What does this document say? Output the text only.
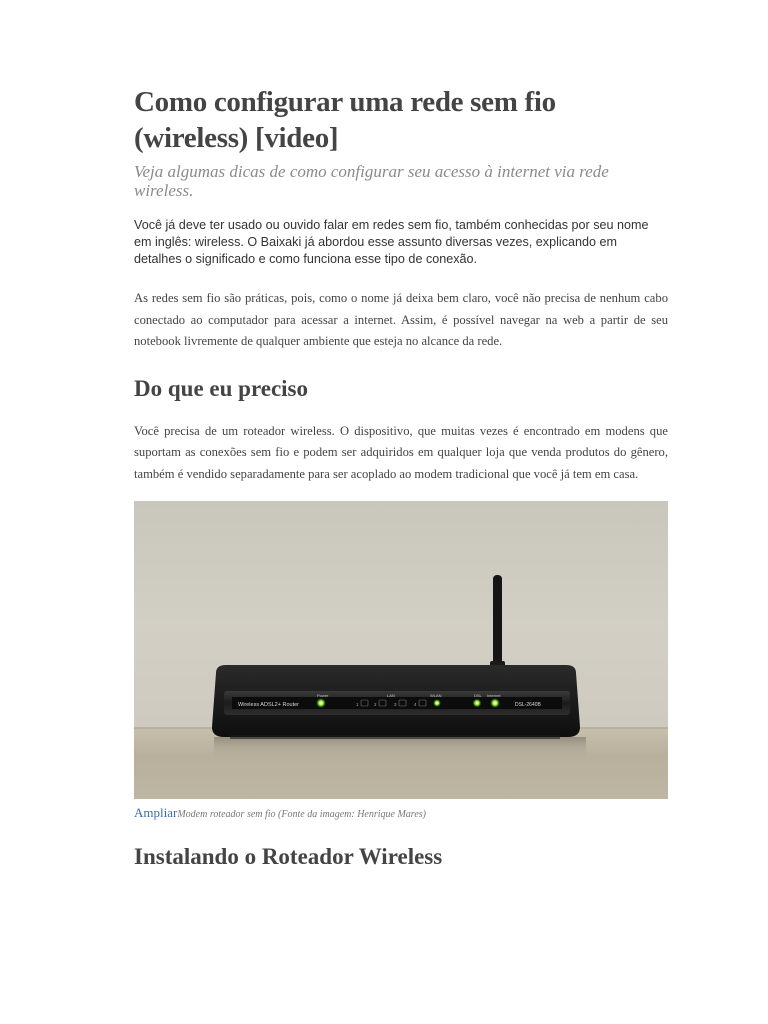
Como configurar uma rede sem fio (wireless) [video]

Veja algumas dicas de como configurar seu acesso à internet via rede wireless.

Você já deve ter usado ou ouvido falar em redes sem fio, também conhecidas por seu nome em inglês: wireless. O Baixaki já abordou esse assunto diversas vezes, explicando em detalhes o significado e como funciona esse tipo de conexão.

As redes sem fio são práticas, pois, como o nome já deixa bem claro, você não precisa de nenhum cabo conectado ao computador para acessar a internet. Assim, é possível navegar na web a partir de seu notebook livremente de qualquer ambiente que esteja no alcance da rede.

Do que eu preciso

Você precisa de um roteador wireless. O dispositivo, que muitas vezes é encontrado em modens que suportam as conexões sem fio e podem ser adquiridos em qualquer loja que venda produtos do gênero, também é vendido separadamente para ser acoplado ao modem tradicional que você já tem em casa.

Wireless ADSL2+ Router
Power	LAN	WLAN	DSL Internet
DSL-2640B
1	2	3	4

AmpliarModem roteador sem fio (Fonte da imagem: Henrique Mares)

Instalando o Roteador Wireless
